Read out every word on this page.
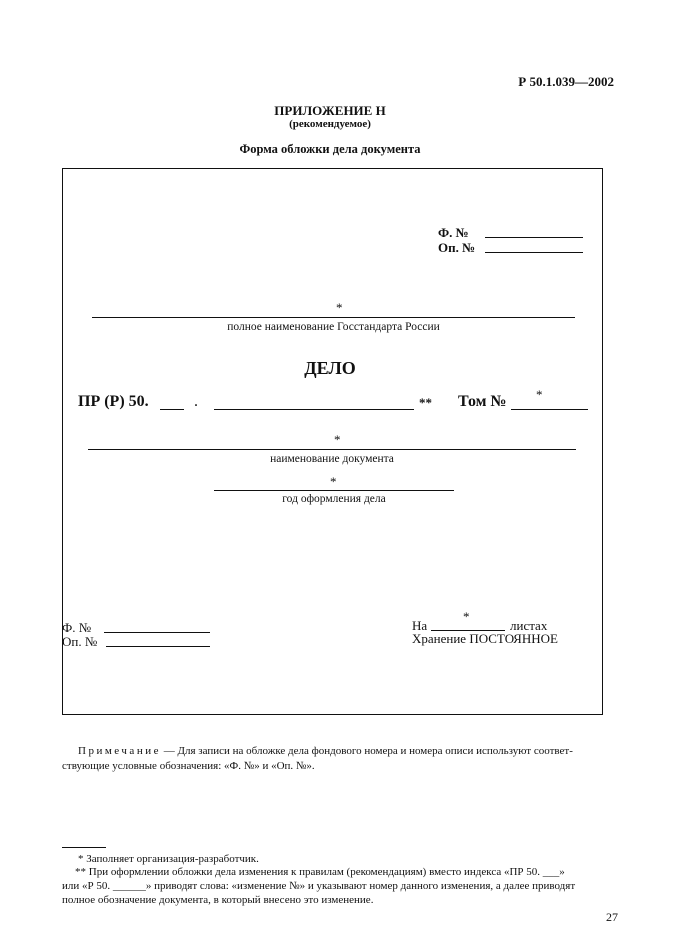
Р 50.1.039—2002
ПРИЛОЖЕНИЕ Н
(рекомендуемое)
Форма обложки дела документа
Ф. №
Оп. №
*
полное наименование Госстандарта России
ДЕЛО
ПР (Р) 50.	.	** Том № *
*
наименование документа
*
год оформления дела
Ф. №
Оп. №
На
*
листах
Хранение ПОСТОЯННОЕ
Примечание — Для записи на обложке дела фондового номера и номера описи используют соответ-
ствующие условные обозначения: «Ф. №» и «Оп. №».
* Заполняет организация-разработчик.
** При оформлении обложки дела изменения к правилам (рекомендациям) вместо индекса «ПР 50. ___»
или «Р 50. ______» приводят слова: «изменение №» и указывают номер данного изменения, а далее приводят
полное обозначение документа, в который внесено это изменение.
27
